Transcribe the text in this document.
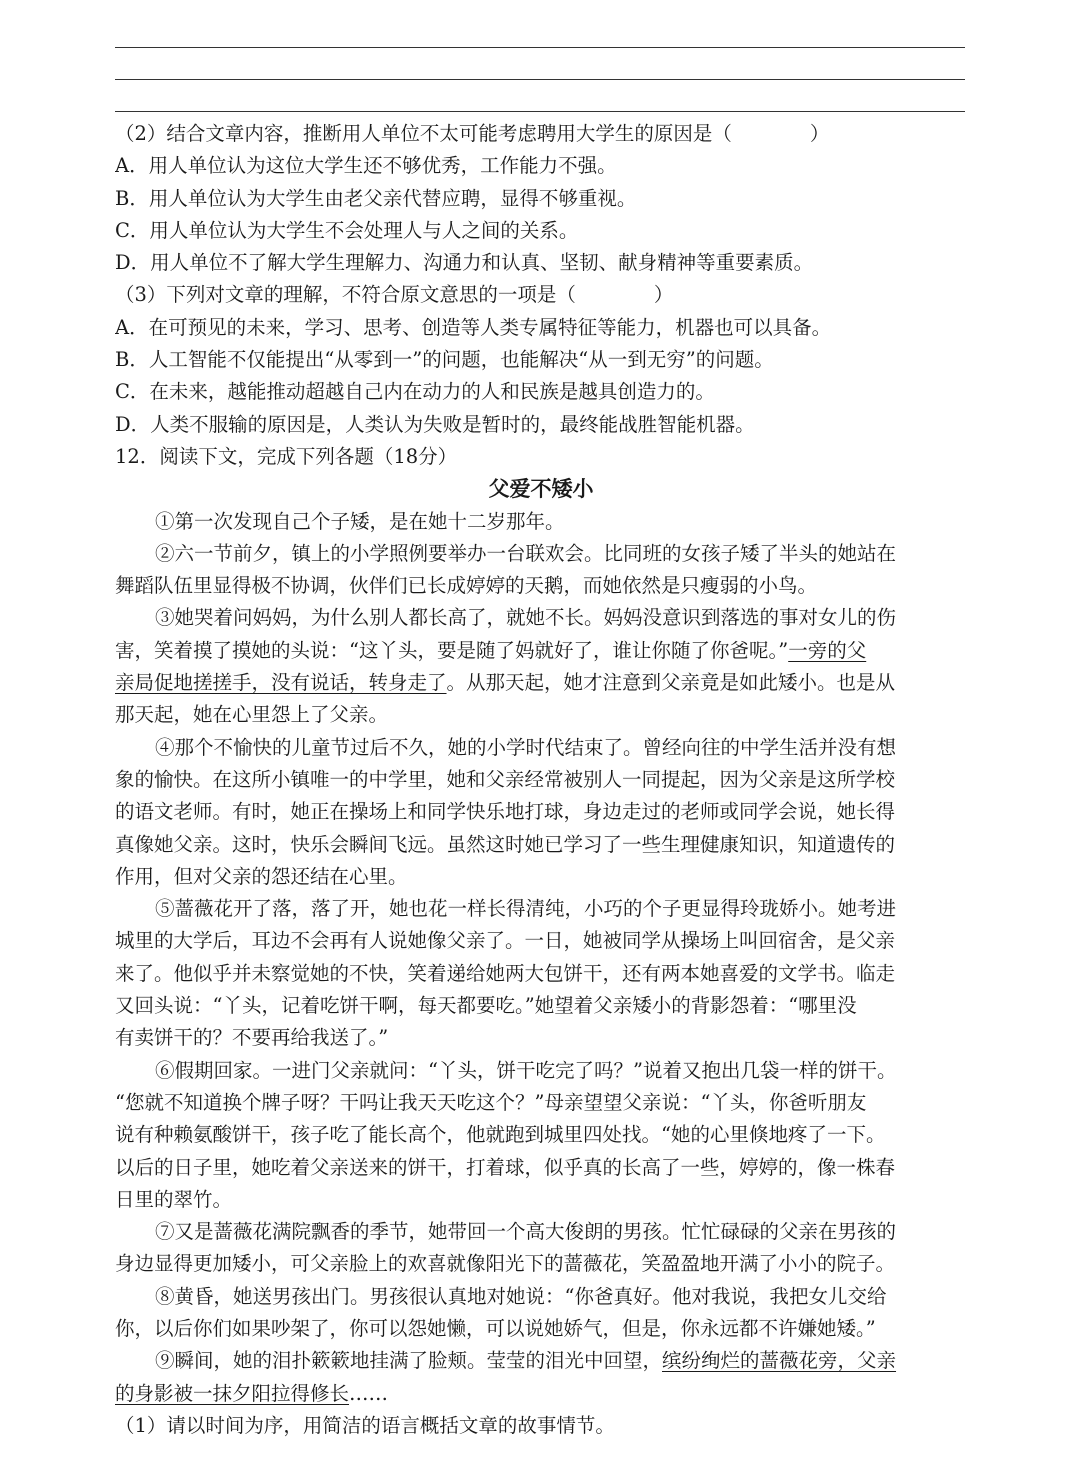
（2）结合文章内容，推断用人单位不太可能考虑聘用大学生的原因是（　　　　）
A．用人单位认为这位大学生还不够优秀，工作能力不强。
B．用人单位认为大学生由老父亲代替应聘，显得不够重视。
C．用人单位认为大学生不会处理人与人之间的关系。
D．用人单位不了解大学生理解力、沟通力和认真、坚韧、献身精神等重要素质。
（3）下列对文章的理解，不符合原文意思的一项是（　　　　）
A．在可预见的未来，学习、思考、创造等人类专属特征等能力，机器也可以具备。
B．人工智能不仅能提出“从零到一”的问题，也能解决“从一到无穷”的问题。
C．在未来，越能推动超越自己内在动力的人和民族是越具创造力的。
D．人类不服输的原因是，人类认为失败是暂时的，最终能战胜智能机器。
12．阅读下文，完成下列各题（18分）
父爱不矮小
①第一次发现自己个子矮，是在她十二岁那年。
②六一节前夕，镇上的小学照例要举办一台联欢会。比同班的女孩子矮了半头的她站在
舞蹈队伍里显得极不协调，伙伴们已长成婷婷的天鹅，而她依然是只瘦弱的小鸟。
③她哭着问妈妈，为什么别人都长高了，就她不长。妈妈没意识到落选的事对女儿的伤
害，笑着摸了摸她的头说：“这丫头，要是随了妈就好了，谁让你随了你爸呢。”一旁的父
亲局促地搓搓手，没有说话，转身走了。从那天起，她才注意到父亲竟是如此矮小。也是从
那天起，她在心里怨上了父亲。
④那个不愉快的儿童节过后不久，她的小学时代结束了。曾经向往的中学生活并没有想
象的愉快。在这所小镇唯一的中学里，她和父亲经常被别人一同提起，因为父亲是这所学校
的语文老师。有时，她正在操场上和同学快乐地打球，身边走过的老师或同学会说，她长得
真像她父亲。这时，快乐会瞬间飞远。虽然这时她已学习了一些生理健康知识，知道遗传的
作用，但对父亲的怨还结在心里。
⑤蔷薇花开了落，落了开，她也花一样长得清纯，小巧的个子更显得玲珑娇小。她考进
城里的大学后，耳边不会再有人说她像父亲了。一日，她被同学从操场上叫回宿舍，是父亲
来了。他似乎并未察觉她的不快，笑着递给她两大包饼干，还有两本她喜爱的文学书。临走
又回头说：“丫头，记着吃饼干啊，每天都要吃。”她望着父亲矮小的背影怨着：“哪里没
有卖饼干的？不要再给我送了。”
⑥假期回家。一进门父亲就问：“丫头，饼干吃完了吗？”说着又抱出几袋一样的饼干。
“您就不知道换个牌子呀？干吗让我天天吃这个？”母亲望望父亲说：“丫头，你爸听朋友
说有种赖氨酸饼干，孩子吃了能长高个，他就跑到城里四处找。“她的心里倏地疼了一下。
以后的日子里，她吃着父亲送来的饼干，打着球，似乎真的长高了一些，婷婷的，像一株春
日里的翠竹。
⑦又是蔷薇花满院飘香的季节，她带回一个高大俊朗的男孩。忙忙碌碌的父亲在男孩的
身边显得更加矮小，可父亲脸上的欢喜就像阳光下的蔷薇花，笑盈盈地开满了小小的院子。
⑧黄昏，她送男孩出门。男孩很认真地对她说：“你爸真好。他对我说，我把女儿交给
你，以后你们如果吵架了，你可以怨她懒，可以说她娇气，但是，你永远都不许嫌她矮。”
⑨瞬间，她的泪扑簌簌地挂满了脸颊。莹莹的泪光中回望，缤纷绚烂的蔷薇花旁，父亲
的身影被一抹夕阳拉得修长……
（1）请以时间为序，用简洁的语言概括文章的故事情节。
